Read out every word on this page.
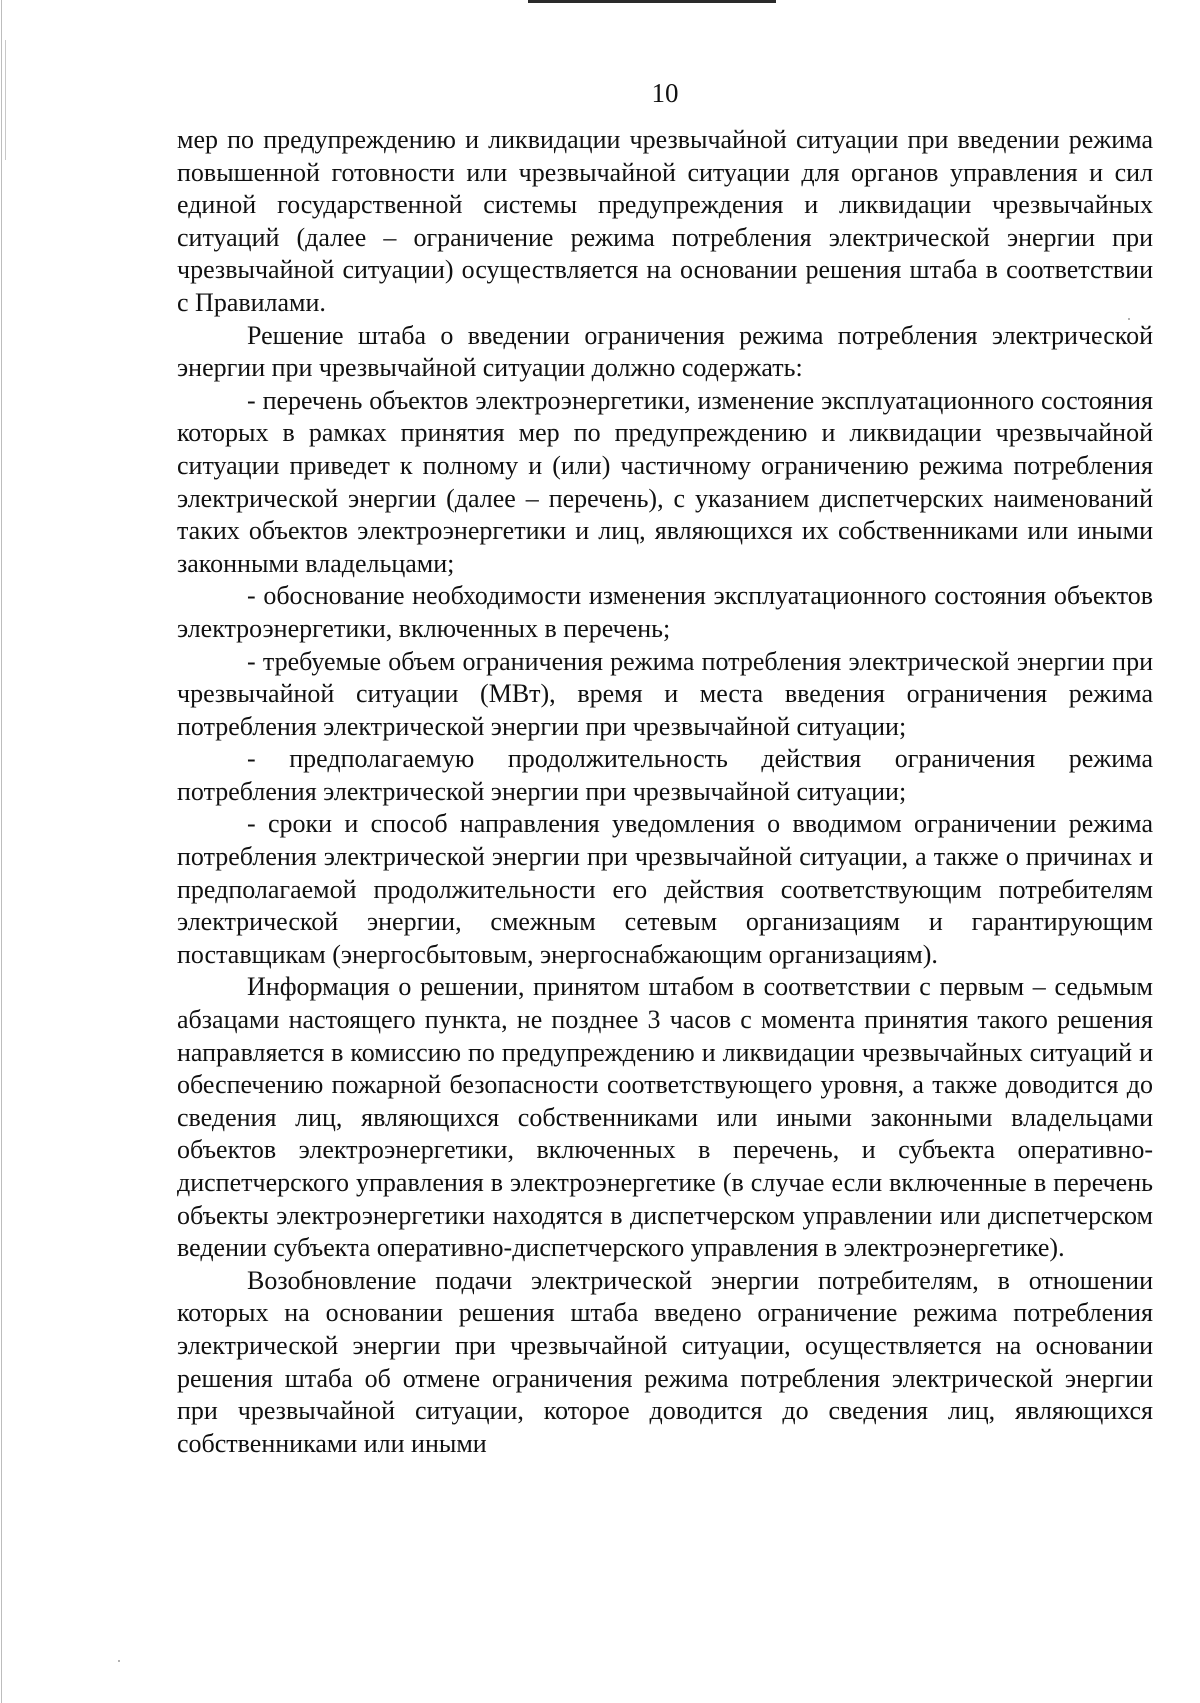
10

мер по предупреждению и ликвидации чрезвычайной ситуации при введении режима повышенной готовности или чрезвычайной ситуации для органов управления и сил единой государственной системы предупреждения и ликвидации чрезвычайных ситуаций (далее – ограничение режима потребления электрической энергии при чрезвычайной ситуации) осуществляется на основании решения штаба в соответствии с Правилами.

Решение штаба о введении ограничения режима потребления электрической энергии при чрезвычайной ситуации должно содержать:

- перечень объектов электроэнергетики, изменение эксплуатационного состояния которых в рамках принятия мер по предупреждению и ликвидации чрезвычайной ситуации приведет к полному и (или) частичному ограничению режима потребления электрической энергии (далее – перечень), с указанием диспетчерских наименований таких объектов электроэнергетики и лиц, являющихся их собственниками или иными законными владельцами;

- обоснование необходимости изменения эксплуатационного состояния объектов электроэнергетики, включенных в перечень;

- требуемые объем ограничения режима потребления электрической энергии при чрезвычайной ситуации (МВт), время и места введения ограничения режима потребления электрической энергии при чрезвычайной ситуации;

- предполагаемую продолжительность действия ограничения режима потребления электрической энергии при чрезвычайной ситуации;

- сроки и способ направления уведомления о вводимом ограничении режима потребления электрической энергии при чрезвычайной ситуации, а также о причинах и предполагаемой продолжительности его действия соответствующим потребителям электрической энергии, смежным сетевым организациям и гарантирующим поставщикам (энергосбытовым, энергоснабжающим организациям).

Информация о решении, принятом штабом в соответствии с первым – седьмым абзацами настоящего пункта, не позднее 3 часов с момента принятия такого решения направляется в комиссию по предупреждению и ликвидации чрезвычайных ситуаций и обеспечению пожарной безопасности соответствующего уровня, а также доводится до сведения лиц, являющихся собственниками или иными законными владельцами объектов электроэнергетики, включенных в перечень, и субъекта оперативно-диспетчерского управления в электроэнергетике (в случае если включенные в перечень объекты электроэнергетики находятся в диспетчерском управлении или диспетчерском ведении субъекта оперативно-диспетчерского управления в электроэнергетике).

Возобновление подачи электрической энергии потребителям, в отношении которых на основании решения штаба введено ограничение режима потребления электрической энергии при чрезвычайной ситуации, осуществляется на основании решения штаба об отмене ограничения режима потребления электрической энергии при чрезвычайной ситуации, которое доводится до сведения лиц, являющихся собственниками или иными
